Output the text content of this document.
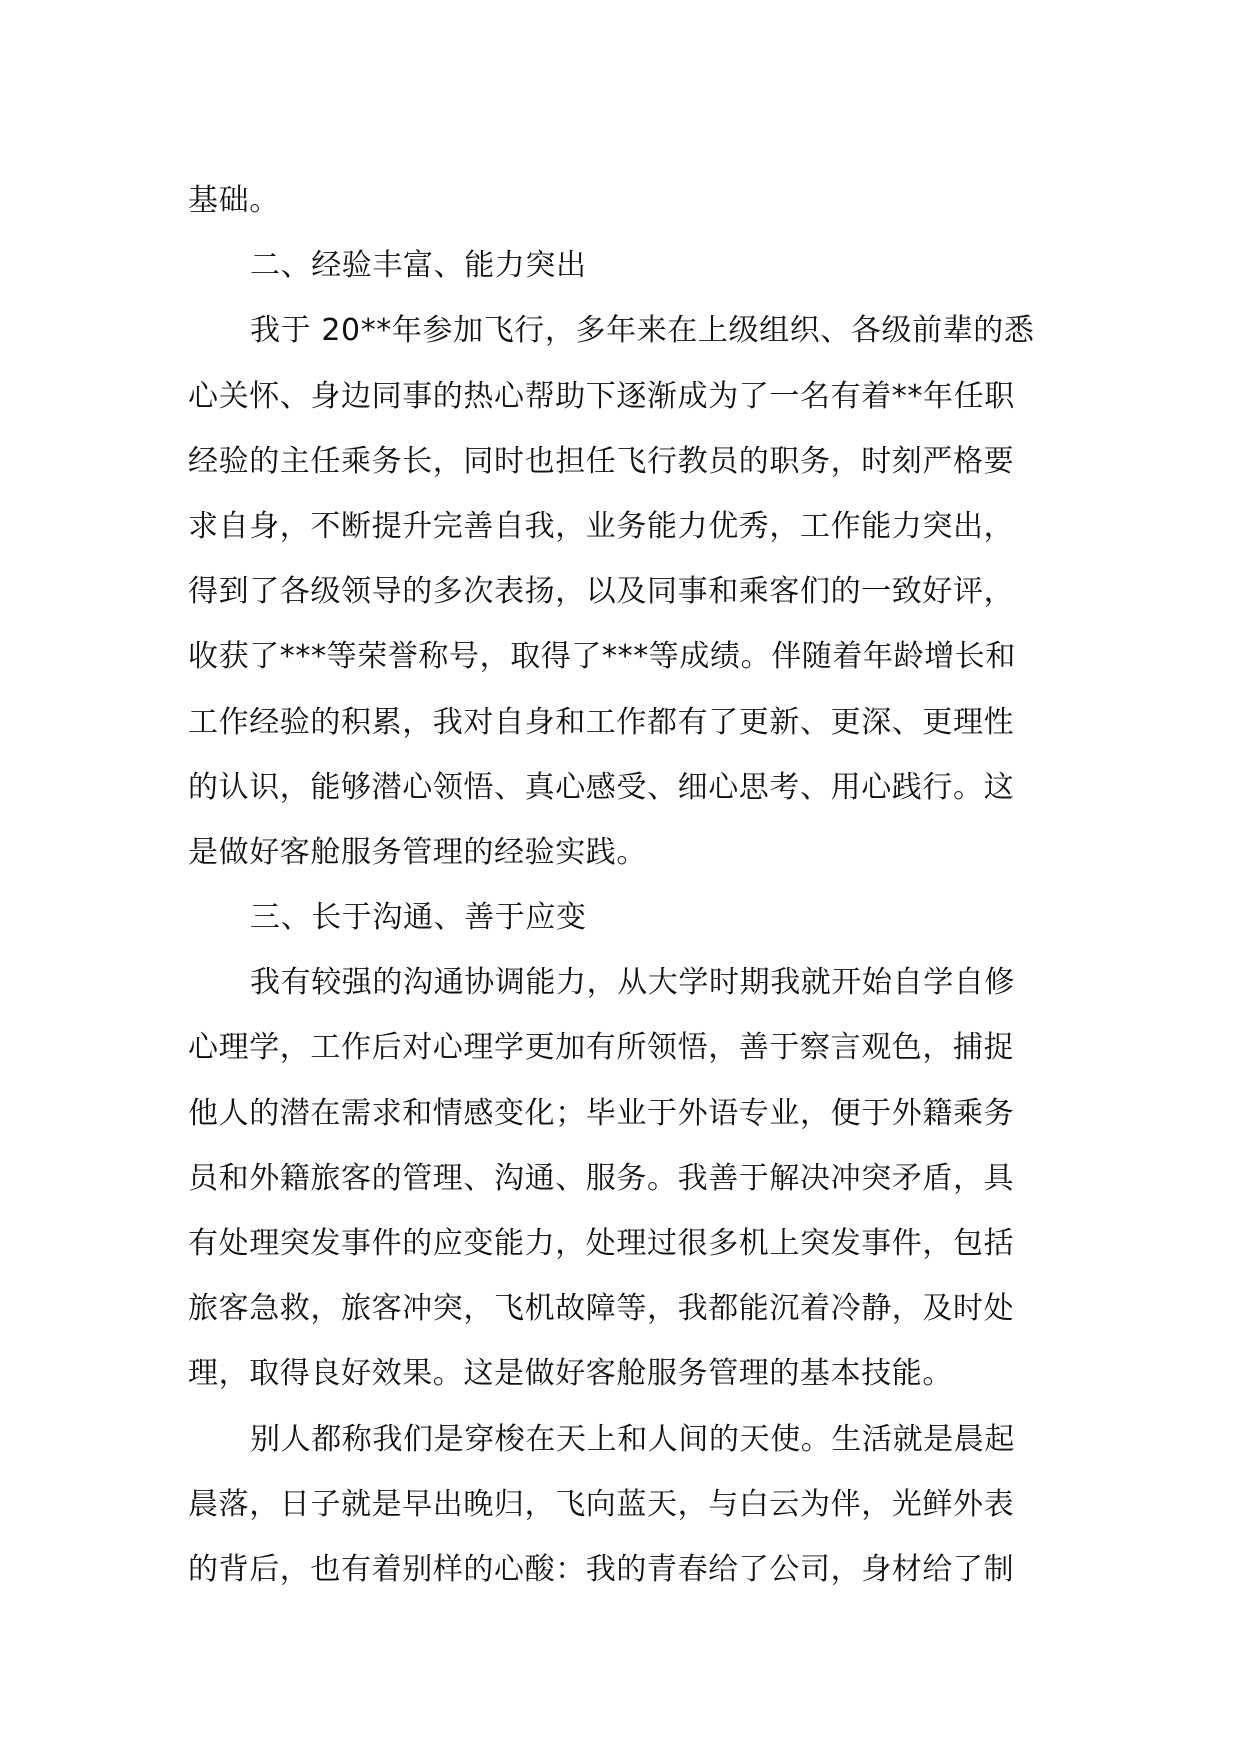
基础。
二、经验丰富、能力突出
我于 20**年参加飞行，多年来在上级组织、各级前辈的悉
心关怀、身边同事的热心帮助下逐渐成为了一名有着**年任职
经验的主任乘务长，同时也担任飞行教员的职务，时刻严格要
求自身，不断提升完善自我，业务能力优秀，工作能力突出，
得到了各级领导的多次表扬，以及同事和乘客们的一致好评，
收获了***等荣誉称号，取得了***等成绩。伴随着年龄增长和
工作经验的积累，我对自身和工作都有了更新、更深、更理性
的认识，能够潜心领悟、真心感受、细心思考、用心践行。这
是做好客舱服务管理的经验实践。
三、长于沟通、善于应变
我有较强的沟通协调能力，从大学时期我就开始自学自修
心理学，工作后对心理学更加有所领悟，善于察言观色，捕捉
他人的潜在需求和情感变化；毕业于外语专业，便于外籍乘务
员和外籍旅客的管理、沟通、服务。我善于解决冲突矛盾，具
有处理突发事件的应变能力，处理过很多机上突发事件，包括
旅客急救，旅客冲突，飞机故障等，我都能沉着冷静，及时处
理，取得良好效果。这是做好客舱服务管理的基本技能。
别人都称我们是穿梭在天上和人间的天使。生活就是晨起
晨落，日子就是早出晚归，飞向蓝天，与白云为伴，光鲜外表
的背后，也有着别样的心酸：我的青春给了公司，身材给了制
